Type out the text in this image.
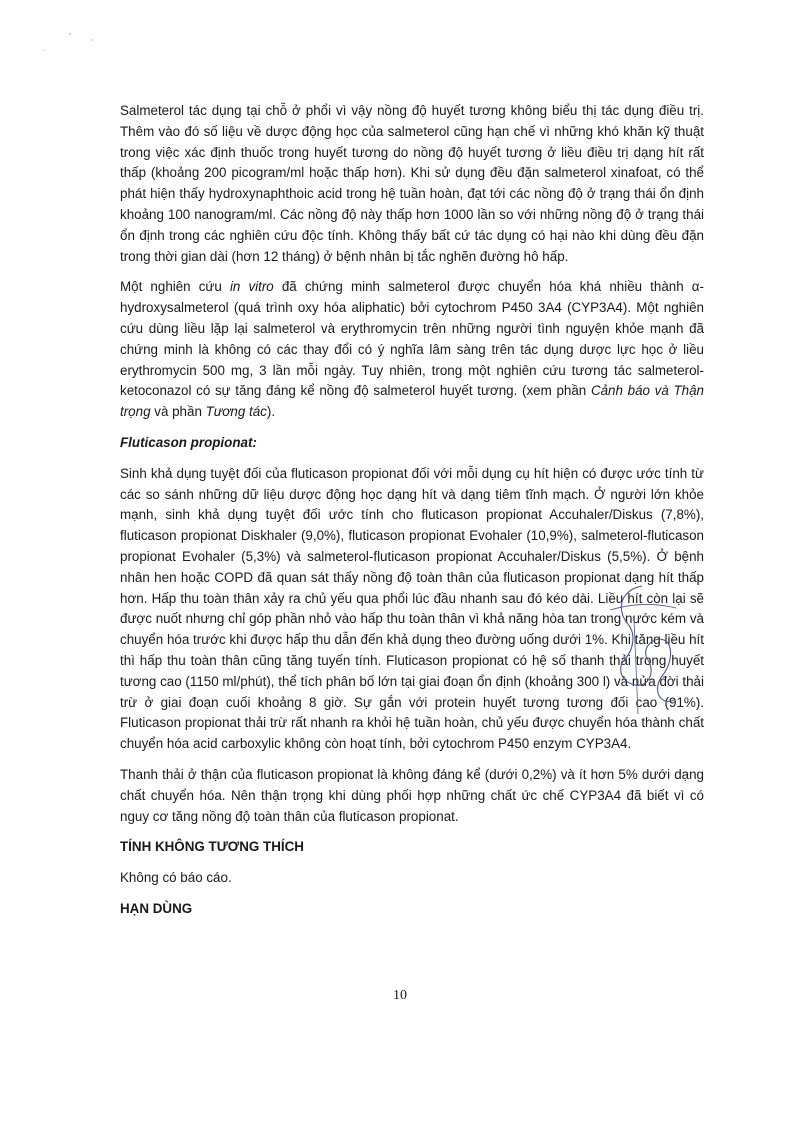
Salmeterol tác dụng tại chỗ ở phổi vì vậy nồng độ huyết tương không biểu thị tác dụng điều trị. Thêm vào đó số liệu về dược động học của salmeterol cũng hạn chế vì những khó khăn kỹ thuật trong việc xác định thuốc trong huyết tương do nồng độ huyết tương ở liều điều trị dạng hít rất thấp (khoảng 200 picogram/ml hoặc thấp hơn). Khi sử dụng đều đặn salmeterol xinafoat, có thể phát hiện thấy hydroxynaphthoic acid trong hệ tuần hoàn, đạt tới các nồng độ ở trạng thái ổn định khoảng 100 nanogram/ml. Các nồng độ này thấp hơn 1000 lần so với những nồng độ ở trạng thái ổn định trong các nghiên cứu độc tính. Không thấy bất cứ tác dụng có hại nào khi dùng đều đặn trong thời gian dài (hơn 12 tháng) ở bệnh nhân bị tắc nghẽn đường hô hấp.

Một nghiên cứu in vitro đã chứng minh salmeterol được chuyển hóa khá nhiều thành α-hydroxysalmeterol (quá trình oxy hóa aliphatic) bởi cytochrom P450 3A4 (CYP3A4). Một nghiên cứu dùng liều lặp lại salmeterol và erythromycin trên những người tình nguyện khỏe mạnh đã chứng minh là không có các thay đổi có ý nghĩa lâm sàng trên tác dụng dược lực học ở liều erythromycin 500 mg, 3 lần mỗi ngày. Tuy nhiên, trong một nghiên cứu tương tác salmeterol-ketoconazol có sự tăng đáng kể nồng độ salmeterol huyết tương. (xem phần Cảnh báo và Thận trọng và phần Tương tác).

Fluticason propionat:

Sinh khả dụng tuyệt đối của fluticason propionat đối với mỗi dụng cụ hít hiện có được ước tính từ các so sánh những dữ liệu dược động học dạng hít và dạng tiêm tĩnh mạch. Ở người lớn khỏe mạnh, sinh khả dụng tuyệt đối ước tính cho fluticason propionat Accuhaler/Diskus (7,8%), fluticason propionat Diskhaler (9,0%), fluticason propionat Evohaler (10,9%), salmeterol-fluticason propionat Evohaler (5,3%) và salmeterol-fluticason propionat Accuhaler/Diskus (5,5%). Ở bệnh nhân hen hoặc COPD đã quan sát thấy nồng độ toàn thân của fluticason propionat dạng hít thấp hơn. Hấp thu toàn thân xảy ra chủ yếu qua phổi lúc đầu nhanh sau đó kéo dài. Liều hít còn lại sẽ được nuốt nhưng chỉ góp phần nhỏ vào hấp thu toàn thân vì khả năng hòa tan trong nước kém và chuyển hóa trước khi được hấp thu dẫn đến khả dụng theo đường uống dưới 1%. Khi tăng liều hít thì hấp thu toàn thân cũng tăng tuyến tính. Fluticason propionat có hệ số thanh thải trong huyết tương cao (1150 ml/phút), thể tích phân bố lớn tại giai đoạn ổn định (khoảng 300 l) và nửa đời thải trừ ở giai đoạn cuối khoảng 8 giờ. Sự gắn với protein huyết tương tương đối cao (91%). Fluticason propionat thải trừ rất nhanh ra khỏi hệ tuần hoàn, chủ yếu được chuyển hóa thành chất chuyển hóa acid carboxylic không còn hoạt tính, bởi cytochrom P450 enzym CYP3A4.

Thanh thải ở thận của fluticason propionat là không đáng kể (dưới 0,2%) và ít hơn 5% dưới dạng chất chuyển hóa. Nên thận trọng khi dùng phối hợp những chất ức chế CYP3A4 đã biết vì có nguy cơ tăng nồng độ toàn thân của fluticason propionat.

TÍNH KHÔNG TƯƠNG THÍCH
Không có báo cáo.
HẠN DÙNG
10
